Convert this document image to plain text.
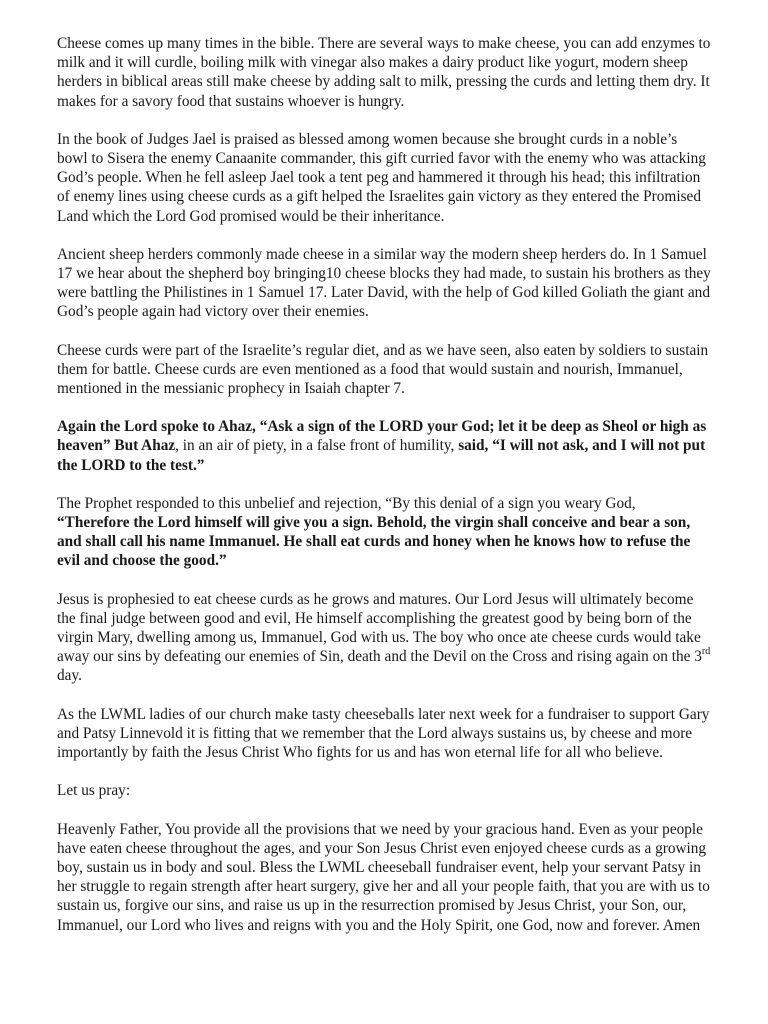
Cheese comes up many times in the bible. There are several ways to make cheese, you can add enzymes to milk and it will curdle, boiling milk with vinegar also makes a dairy product like yogurt, modern sheep herders in biblical areas still make cheese by adding salt to milk, pressing the curds and letting them dry. It makes for a savory food that sustains whoever is hungry.

In the book of Judges Jael is praised as blessed among women because she brought curds in a noble’s bowl to Sisera the enemy Canaanite commander, this gift curried favor with the enemy who was attacking God’s people. When he fell asleep Jael took a tent peg and hammered it through his head; this infiltration of enemy lines using cheese curds as a gift helped the Israelites gain victory as they entered the Promised Land which the Lord God promised would be their inheritance.

Ancient sheep herders commonly made cheese in a similar way the modern sheep herders do. In 1 Samuel 17 we hear about the shepherd boy bringing10 cheese blocks they had made, to sustain his brothers as they were battling the Philistines in 1 Samuel 17. Later David, with the help of God killed Goliath the giant and God’s people again had victory over their enemies.

Cheese curds were part of the Israelite’s regular diet, and as we have seen, also eaten by soldiers to sustain them for battle. Cheese curds are even mentioned as a food that would sustain and nourish, Immanuel, mentioned in the messianic prophecy in Isaiah chapter 7.

Again the Lord spoke to Ahaz, “Ask a sign of the LORD your God; let it be deep as Sheol or high as heaven” But Ahaz, in an air of piety, in a false front of humility, said, “I will not ask, and I will not put the LORD to the test.”

The Prophet responded to this unbelief and rejection, “By this denial of a sign you weary God, “Therefore the Lord himself will give you a sign. Behold, the virgin shall conceive and bear a son, and shall call his name Immanuel. He shall eat curds and honey when he knows how to refuse the evil and choose the good.”

Jesus is prophesied to eat cheese curds as he grows and matures. Our Lord Jesus will ultimately become the final judge between good and evil, He himself accomplishing the greatest good by being born of the virgin Mary, dwelling among us, Immanuel, God with us. The boy who once ate cheese curds would take away our sins by defeating our enemies of Sin, death and the Devil on the Cross and rising again on the 3rd day.

As the LWML ladies of our church make tasty cheeseballs later next week for a fundraiser to support Gary and Patsy Linnevold it is fitting that we remember that the Lord always sustains us, by cheese and more importantly by faith the Jesus Christ Who fights for us and has won eternal life for all who believe.

Let us pray:

Heavenly Father, You provide all the provisions that we need by your gracious hand. Even as your people have eaten cheese throughout the ages, and your Son Jesus Christ even enjoyed cheese curds as a growing boy, sustain us in body and soul. Bless the LWML cheeseball fundraiser event, help your servant Patsy in her struggle to regain strength after heart surgery, give her and all your people faith, that you are with us to sustain us, forgive our sins, and raise us up in the resurrection promised by Jesus Christ, your Son, our, Immanuel, our Lord who lives and reigns with you and the Holy Spirit, one God, now and forever. Amen
